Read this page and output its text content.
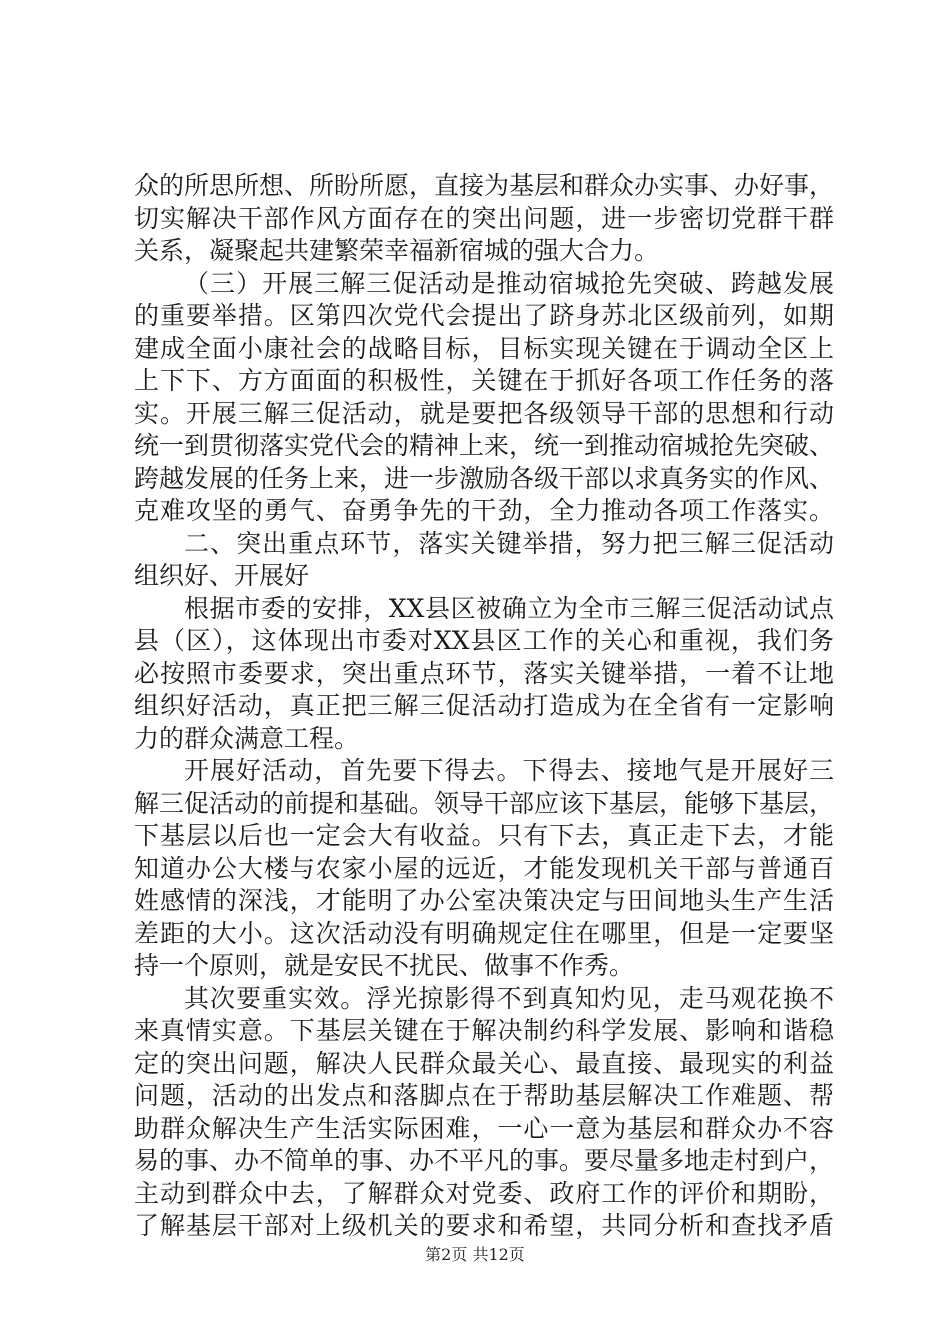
众的所思所想、所盼所愿，直接为基层和群众办实事、办好事，
切实解决干部作风方面存在的突出问题，进一步密切党群干群
关系，凝聚起共建繁荣幸福新宿城的强大合力。
（三）开展三解三促活动是推动宿城抢先突破、跨越发展
的重要举措。区第四次党代会提出了跻身苏北区级前列，如期
建成全面小康社会的战略目标，目标实现关键在于调动全区上
上下下、方方面面的积极性，关键在于抓好各项工作任务的落
实。开展三解三促活动，就是要把各级领导干部的思想和行动
统一到贯彻落实党代会的精神上来，统一到推动宿城抢先突破、
跨越发展的任务上来，进一步激励各级干部以求真务实的作风、
克难攻坚的勇气、奋勇争先的干劲，全力推动各项工作落实。
二、突出重点环节，落实关键举措，努力把三解三促活动
组织好、开展好
根据市委的安排，XX县区被确立为全市三解三促活动试点
县（区），这体现出市委对XX县区工作的关心和重视，我们务
必按照市委要求，突出重点环节，落实关键举措，一着不让地
组织好活动，真正把三解三促活动打造成为在全省有一定影响
力的群众满意工程。
开展好活动，首先要下得去。下得去、接地气是开展好三
解三促活动的前提和基础。领导干部应该下基层，能够下基层，
下基层以后也一定会大有收益。只有下去，真正走下去，才能
知道办公大楼与农家小屋的远近，才能发现机关干部与普通百
姓感情的深浅，才能明了办公室决策决定与田间地头生产生活
差距的大小。这次活动没有明确规定住在哪里，但是一定要坚
持一个原则，就是安民不扰民、做事不作秀。
其次要重实效。浮光掠影得不到真知灼见，走马观花换不
来真情实意。下基层关键在于解决制约科学发展、影响和谐稳
定的突出问题，解决人民群众最关心、最直接、最现实的利益
问题，活动的出发点和落脚点在于帮助基层解决工作难题、帮
助群众解决生产生活实际困难，一心一意为基层和群众办不容
易的事、办不简单的事、办不平凡的事。要尽量多地走村到户，
主动到群众中去，了解群众对党委、政府工作的评价和期盼，
了解基层干部对上级机关的要求和希望，共同分析和查找矛盾
第2页 共12页
